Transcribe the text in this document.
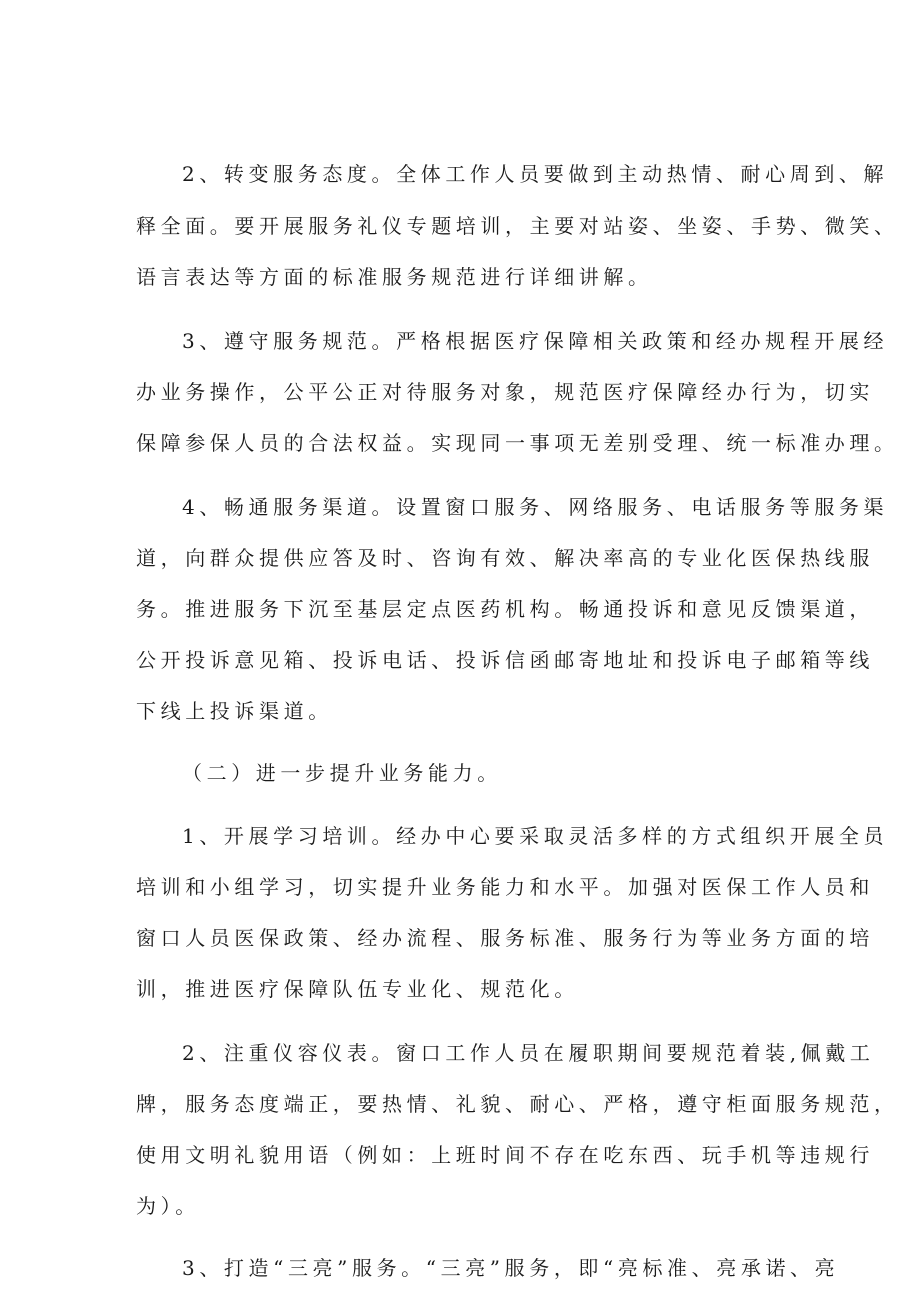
2、转变服务态度。全体工作人员要做到主动热情、耐心周到、解
释全面。要开展服务礼仪专题培训，主要对站姿、坐姿、手势、微笑、
语言表达等方面的标准服务规范进行详细讲解。
3、遵守服务规范。严格根据医疗保障相关政策和经办规程开展经
办业务操作，公平公正对待服务对象，规范医疗保障经办行为，切实
保障参保人员的合法权益。实现同一事项无差别受理、统一标准办理。
4、畅通服务渠道。设置窗口服务、网络服务、电话服务等服务渠
道，向群众提供应答及时、咨询有效、解决率高的专业化医保热线服
务。推进服务下沉至基层定点医药机构。畅通投诉和意见反馈渠道，
公开投诉意见箱、投诉电话、投诉信函邮寄地址和投诉电子邮箱等线
下线上投诉渠道。
（二）进一步提升业务能力。
1、开展学习培训。经办中心要采取灵活多样的方式组织开展全员
培训和小组学习，切实提升业务能力和水平。加强对医保工作人员和
窗口人员医保政策、经办流程、服务标准、服务行为等业务方面的培
训，推进医疗保障队伍专业化、规范化。
2、注重仪容仪表。窗口工作人员在履职期间要规范着装,佩戴工
牌，服务态度端正，要热情、礼貌、耐心、严格，遵守柜面服务规范，
使用文明礼貌用语（例如：上班时间不存在吃东西、玩手机等违规行
为）。
3、打造“三亮”服务。“三亮”服务，即“亮标准、亮承诺、亮
